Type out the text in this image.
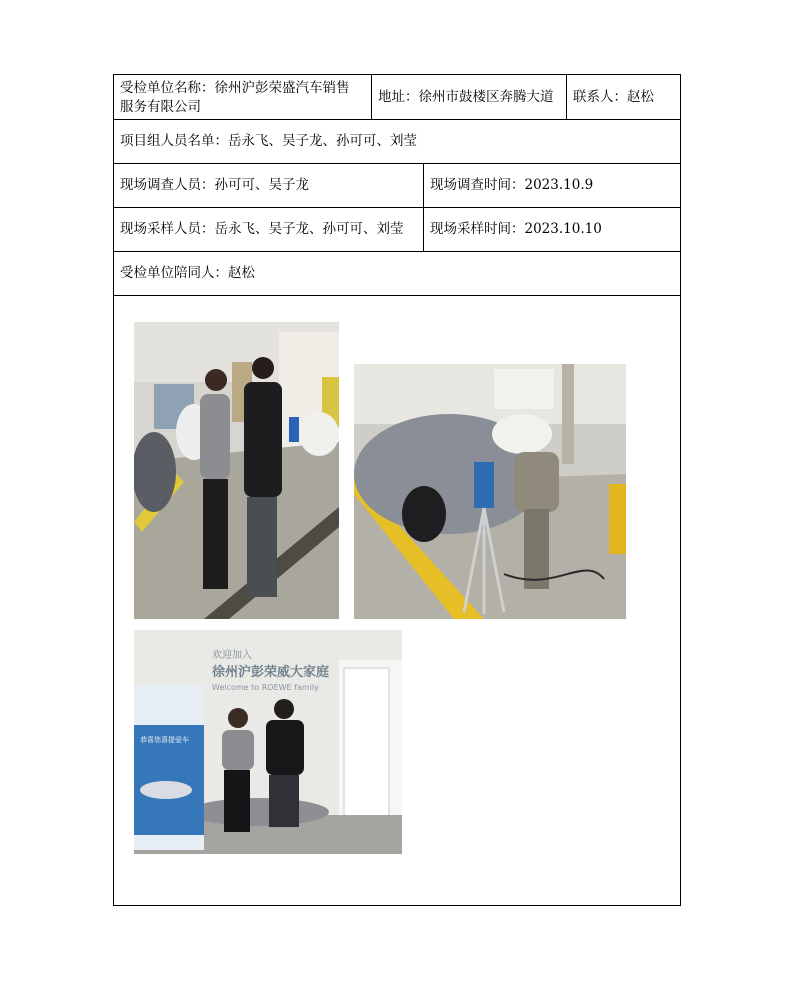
受检单位名称：徐州沪彭荣盛汽车销售
服务有限公司
地址：徐州市鼓楼区奔腾大道 联系人：赵松
项目组人员名单：岳永飞、吴子龙、孙可可、刘莹
现场调查人员：孙可可、吴子龙	现场调查时间：2023.10.9
现场采样人员：岳永飞、吴子龙、孙可可、刘莹 现场采样时间：2023.10.10
受检单位陪同人：赵松
欢迎加入
徐州沪彭荣威大家庭
Welcome to ROEWE family
恭喜您喜提爱车
